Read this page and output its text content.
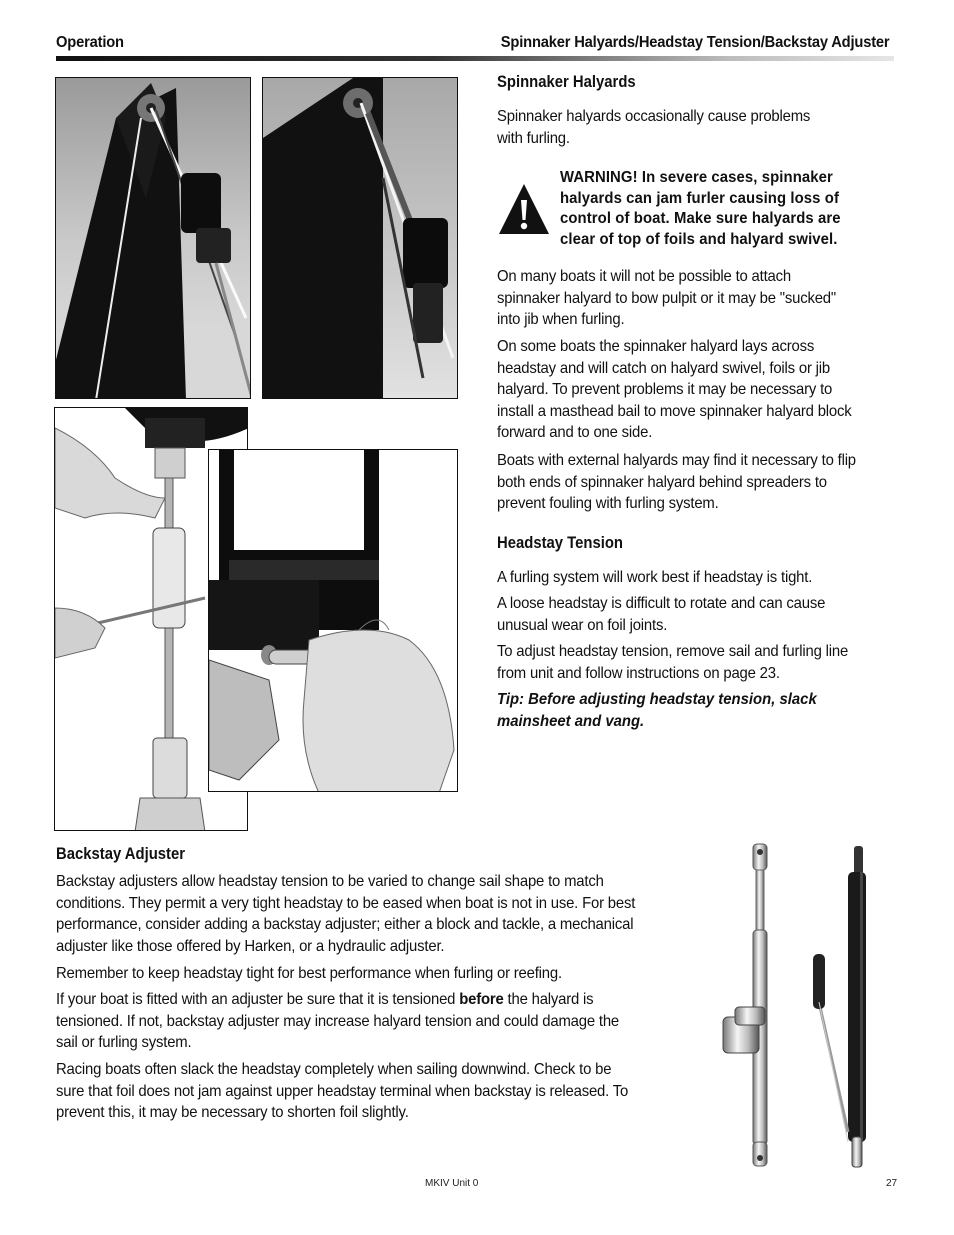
Operation	Spinnaker Halyards/Headstay Tension/Backstay Adjuster
Spinnaker Halyards
Spinnaker halyards occasionally cause problems with furling.
WARNING! In severe cases, spinnaker halyards can jam furler causing loss of control of boat. Make sure halyards are clear of top of foils and halyard swivel.
On many boats it will not be possible to attach spinnaker halyard to bow pulpit or it may be "sucked" into jib when furling.
On some boats the spinnaker halyard lays across headstay and will catch on halyard swivel, foils or jib halyard. To prevent problems it may be necessary to install a masthead bail to move spinnaker halyard block forward and to one side.
Boats with external halyards may find it necessary to flip both ends of spinnaker halyard behind spreaders to prevent fouling with furling system.
Headstay Tension
A furling system will work best if headstay is tight.
A loose headstay is difficult to rotate and can cause unusual wear on foil joints.
To adjust headstay tension, remove sail and furling line from unit and follow instructions on page 23.
Tip: Before adjusting headstay tension, slack mainsheet and vang.
Backstay Adjuster
Backstay adjusters allow headstay tension to be varied to change sail shape to match conditions. They permit a very tight headstay to be eased when boat is not in use. For best performance, consider adding a backstay adjuster; either a block and tackle, a mechanical adjuster like those offered by Harken, or a hydraulic adjuster.
Remember to keep headstay tight for best performance when furling or reefing.
If your boat is fitted with an adjuster be sure that it is tensioned before the halyard is tensioned. If not, backstay adjuster may increase halyard tension and could damage the sail or furling system.
Racing boats often slack the headstay completely when sailing downwind. Check to be sure that foil does not jam against upper headstay terminal when backstay is released. To prevent this, it may be necessary to shorten foil slightly.
MKIV Unit 0	27
